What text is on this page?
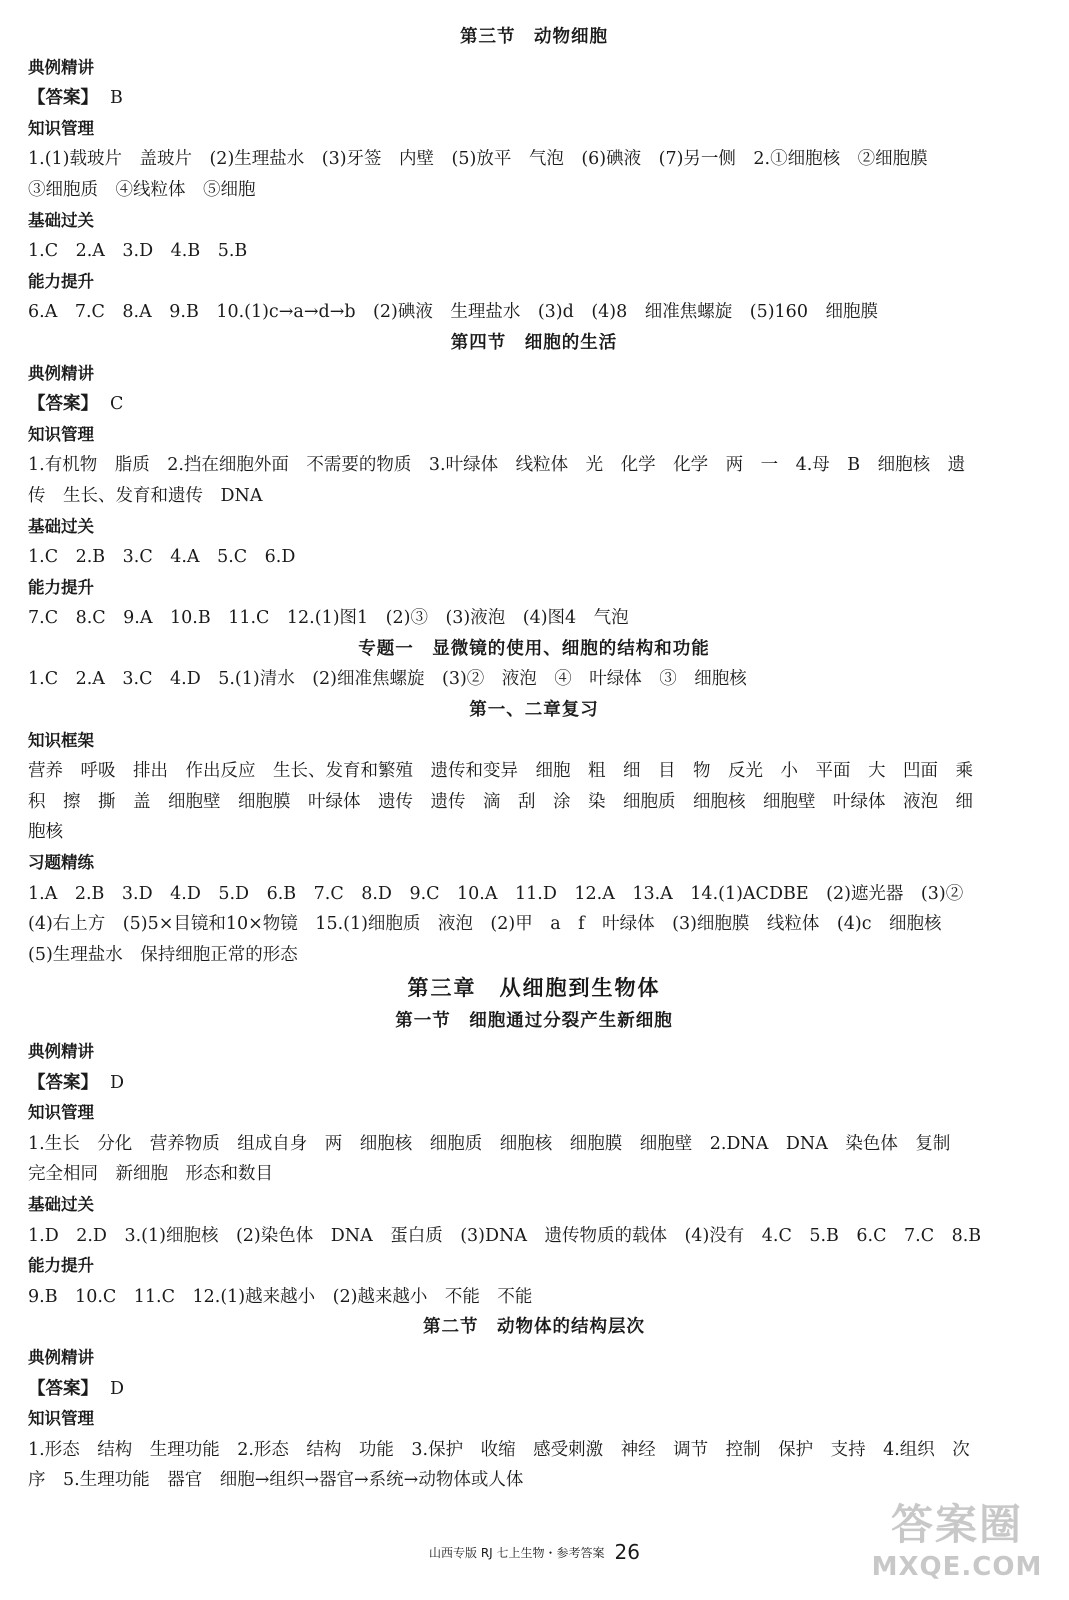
第三节　动物细胞
典例精讲
【答案】 B
知识管理
1.(1)载玻片　盖玻片　(2)生理盐水　(3)牙签　内壁　(5)放平　气泡　(6)碘液　(7)另一侧　2.①细胞核　②细胞膜
③细胞质　④线粒体　⑤细胞
基础过关
1.C　2.A　3.D　4.B　5.B
能力提升
6.A　7.C　8.A　9.B　10.(1)c→a→d→b　(2)碘液　生理盐水　(3)d　(4)8　细准焦螺旋　(5)160　细胞膜
第四节　细胞的生活
典例精讲
【答案】 C
知识管理
1.有机物　脂质　2.挡在细胞外面　不需要的物质　3.叶绿体　线粒体　光　化学　化学　两　一　4.母　B　细胞核　遗
传　生长、发育和遗传　DNA
基础过关
1.C　2.B　3.C　4.A　5.C　6.D
能力提升
7.C　8.C　9.A　10.B　11.C　12.(1)图1　(2)③　(3)液泡　(4)图4　气泡
专题一　显微镜的使用、细胞的结构和功能
1.C　2.A　3.C　4.D　5.(1)清水　(2)细准焦螺旋　(3)②　液泡　④　叶绿体　③　细胞核
第一、二章复习
知识框架
营养　呼吸　排出　作出反应　生长、发育和繁殖　遗传和变异　细胞　粗　细　目　物　反光　小　平面　大　凹面　乘
积　擦　撕　盖　细胞壁　细胞膜　叶绿体　遗传　遗传　滴　刮　涂　染　细胞质　细胞核　细胞壁　叶绿体　液泡　细
胞核
习题精练
1.A　2.B　3.D　4.D　5.D　6.B　7.C　8.D　9.C　10.A　11.D　12.A　13.A　14.(1)ACDBE　(2)遮光器　(3)②
(4)右上方　(5)5×目镜和10×物镜　15.(1)细胞质　液泡　(2)甲　a　f　叶绿体　(3)细胞膜　线粒体　(4)c　细胞核
(5)生理盐水　保持细胞正常的形态
第三章　从细胞到生物体
第一节　细胞通过分裂产生新细胞
典例精讲
【答案】 D
知识管理
1.生长　分化　营养物质　组成自身　两　细胞核　细胞质　细胞核　细胞膜　细胞壁　2.DNA　DNA　染色体　复制
完全相同　新细胞　形态和数目
基础过关
1.D　2.D　3.(1)细胞核　(2)染色体　DNA　蛋白质　(3)DNA　遗传物质的载体　(4)没有　4.C　5.B　6.C　7.C　8.B
能力提升
9.B　10.C　11.C　12.(1)越来越小　(2)越来越小　不能　不能
第二节　动物体的结构层次
典例精讲
【答案】 D
知识管理
1.形态　结构　生理功能　2.形态　结构　功能　3.保护　收缩　感受刺激　神经　调节　控制　保护　支持　4.组织　次
序　5.生理功能　器官　细胞→组织→器官→系统→动物体或人体
山西专版 RJ 七上生物・参考答案 26
答案圈
MXQE.COM
